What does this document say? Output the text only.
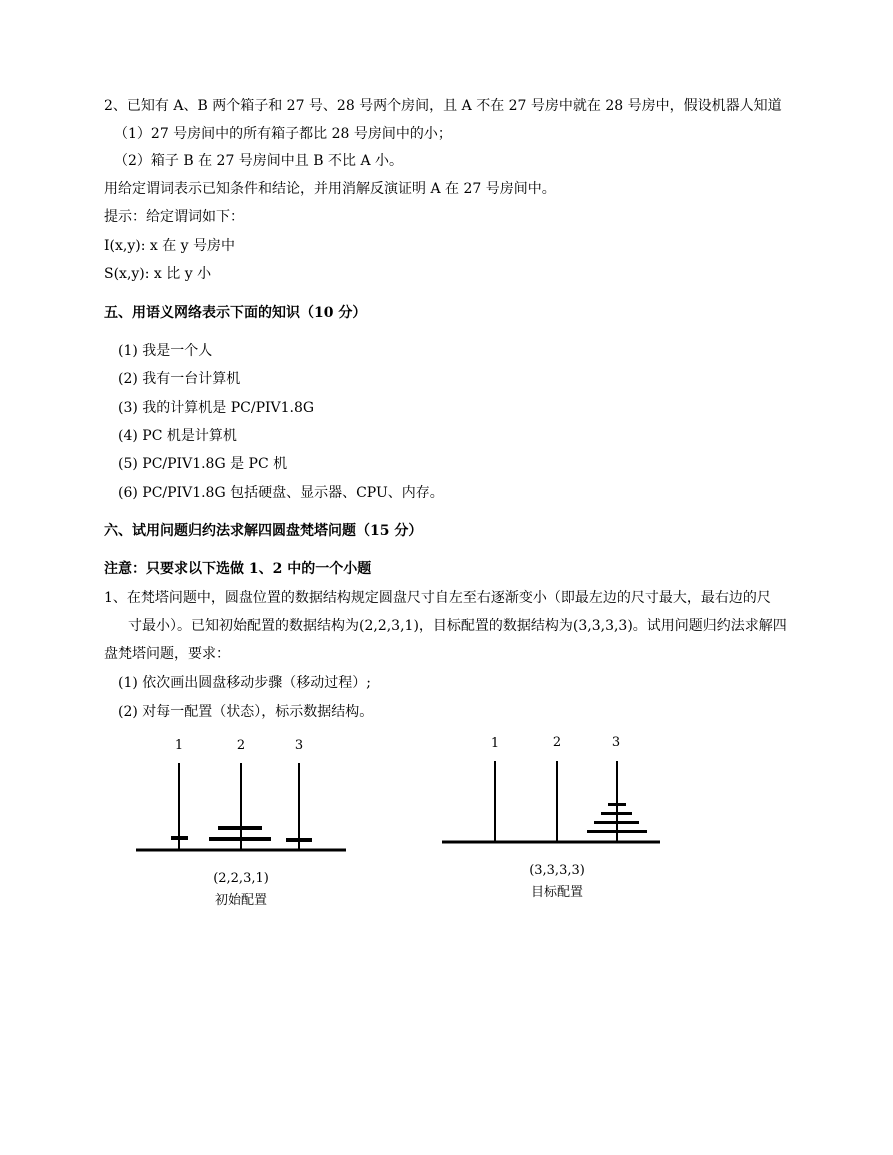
2、已知有 A、B 两个箱子和 27 号、28 号两个房间，且 A 不在 27 号房中就在 28 号房中，假设机器人知道
（1）27 号房间中的所有箱子都比 28 号房间中的小；
（2）箱子 B 在 27 号房间中且 B 不比 A 小。
用给定谓词表示已知条件和结论，并用消解反演证明 A 在 27 号房间中。
提示：给定谓词如下：
I(x,y): x 在 y 号房中
S(x,y): x 比 y 小
五、用语义网络表示下面的知识（10 分）
(1) 我是一个人
(2) 我有一台计算机
(3) 我的计算机是 PC/PIV1.8G
(4) PC 机是计算机
(5) PC/PIV1.8G 是 PC 机
(6) PC/PIV1.8G 包括硬盘、显示器、CPU、内存。
六、试用问题归约法求解四圆盘梵塔问题（15 分）
注意：只要求以下选做 1、2 中的一个小题
1、在梵塔问题中，圆盘位置的数据结构规定圆盘尺寸自左至右逐渐变小（即最左边的尺寸最大，最右边的尺
寸最小）。已知初始配置的数据结构为(2,2,3,1)，目标配置的数据结构为(3,3,3,3)。试用问题归约法求解四
盘梵塔问题，要求：
(1) 依次画出圆盘移动步骤（移动过程）;
(2) 对每一配置（状态），标示数据结构。
1	2	3
(2,2,3,1)
初始配置
1	2	3
(3,3,3,3)
目标配置
